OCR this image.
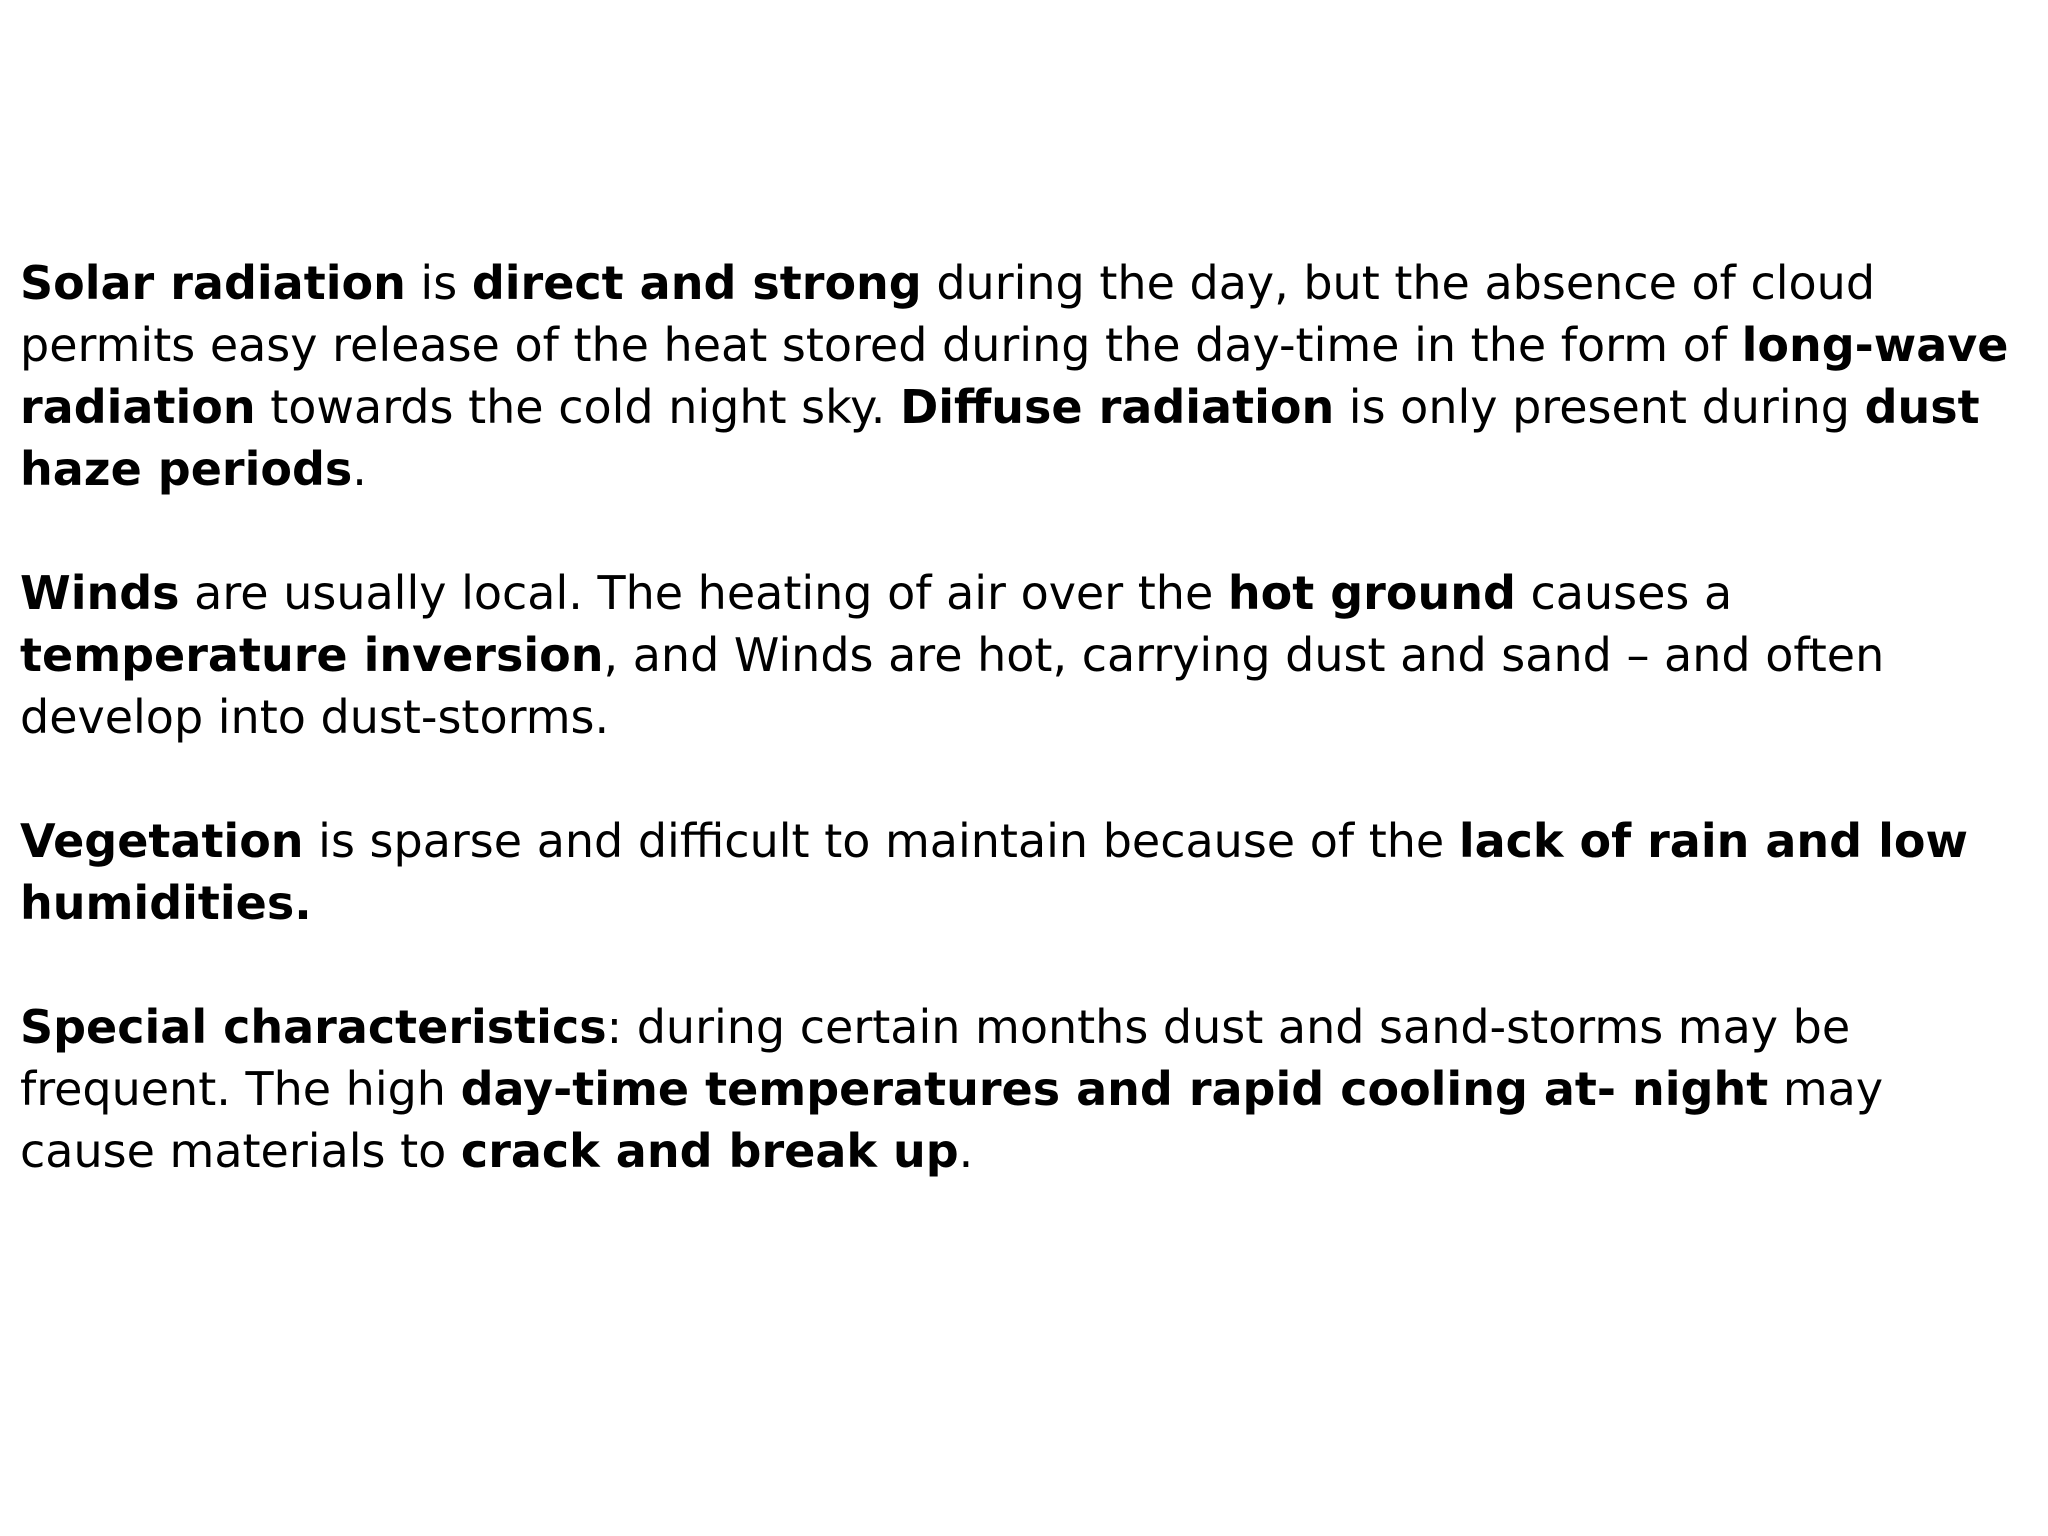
Solar radiation is direct and strong during the day, but the absence of cloud permits easy release of the heat stored during the day-time in the form of long-wave radiation towards the cold night sky. Diffuse radiation is only present during dust haze periods.

Winds are usually local. The heating of air over the hot ground causes a temperature inversion, and Winds are hot, carrying dust and sand – and often develop into dust-storms.

Vegetation is sparse and difficult to maintain because of the lack of rain and low humidities.

Special characteristics: during certain months dust and sand-storms may be frequent. The high day-time temperatures and rapid cooling at- night may cause materials to crack and break up.
